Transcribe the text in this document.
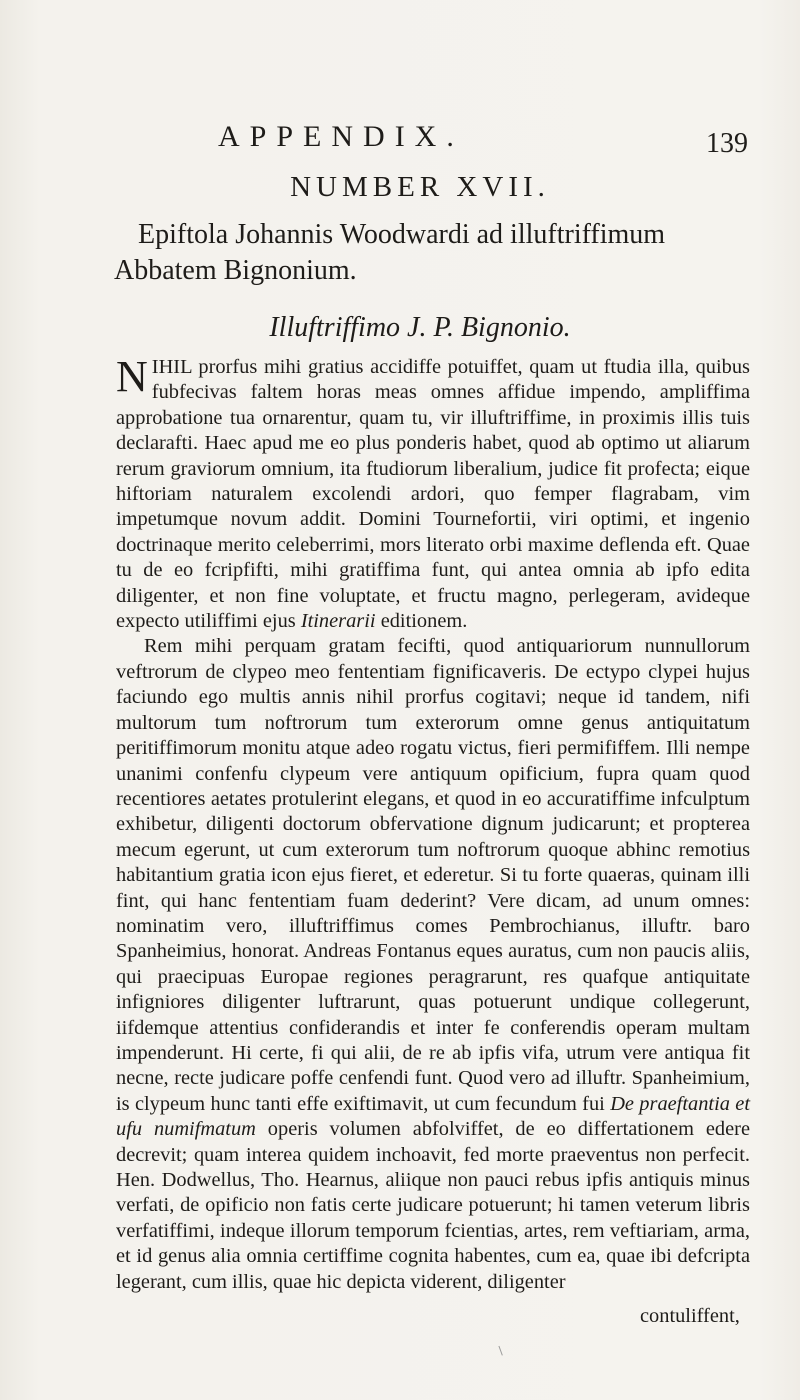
APPENDIX.	139
NUMBER XVII.
Epiftola Johannis Woodwardi ad illuftriffimum
Abbatem Bignonium.
Illuftriffimo J. P. Bignonio.

NIHIL prorfus mihi gratius accidiffe potuiffet, quam ut ftudia illa, quibus fubfecivas faltem horas meas omnes affidue impendo, ampliffima approbatione tua ornarentur, quam tu, vir illuftriffime, in proximis illis tuis declarafti. Haec apud me eo plus ponderis habet, quod ab optimo ut aliarum rerum graviorum omnium, ita ftudiorum liberalium, judice fit profecta; eique hiftoriam naturalem excolendi ardori, quo femper flagrabam, vim impetumque novum addit. Domini Tournefortii, viri optimi, et ingenio doctrinaque merito celeberrimi, mors literato orbi maxime deflenda eft. Quae tu de eo fcripfifti, mihi gratiffima funt, qui antea omnia ab ipfo edita diligenter, et non fine voluptate, et fructu magno, perlegeram, avideque expecto utiliffimi ejus Itinerarii editionem.

Rem mihi perquam gratam fecifti, quod antiquariorum nunnullorum veftrorum de clypeo meo fententiam fignificaveris. De ectypo clypei hujus faciundo ego multis annis nihil prorfus cogitavi; neque id tandem, nifi multorum tum noftrorum tum exterorum omne genus antiquitatum peritiffimorum monitu atque adeo rogatu victus, fieri permififfem. Illi nempe unanimi confenfu clypeum vere antiquum opificium, fupra quam quod recentiores aetates protulerint elegans, et quod in eo accuratiffime infculptum exhibetur, diligenti doctorum obfervatione dignum judicarunt; et propterea mecum egerunt, ut cum exterorum tum noftrorum quoque abhinc remotius habitantium gratia icon ejus fieret, et ederetur. Si tu forte quaeras, quinam illi fint, qui hanc fententiam fuam dederint? Vere dicam, ad unum omnes: nominatim vero, illuftriffimus comes Pembrochianus, illuftr. baro Spanheimius, honorat. Andreas Fontanus eques auratus, cum non paucis aliis, qui praecipuas Europae regiones peragrarunt, res quafque antiquitate infigniores diligenter luftrarunt, quas potuerunt undique collegerunt, iifdemque attentius confiderandis et inter fe conferendis operam multam impenderunt. Hi certe, fi qui alii, de re ab ipfis vifa, utrum vere antiqua fit necne, recte judicare poffe cenfendi funt. Quod vero ad illuftr. Spanheimium, is clypeum hunc tanti effe exiftimavit, ut cum fecundum fui De praeftantia et ufu numifmatum operis volumen abfolviffet, de eo differtationem edere decrevit; quam interea quidem inchoavit, fed morte praeventus non perfecit. Hen. Dodwellus, Tho. Hearnus, aliique non pauci rebus ipfis antiquis minus verfati, de opificio non fatis certe judicare potuerunt; hi tamen veterum libris verfatiffimi, indeque illorum temporum fcientias, artes, rem veftiariam, arma, et id genus alia omnia certiffime cognita habentes, cum ea, quae ibi defcripta legerant, cum illis, quae hic depicta viderent, diligenter

contuliffent,
